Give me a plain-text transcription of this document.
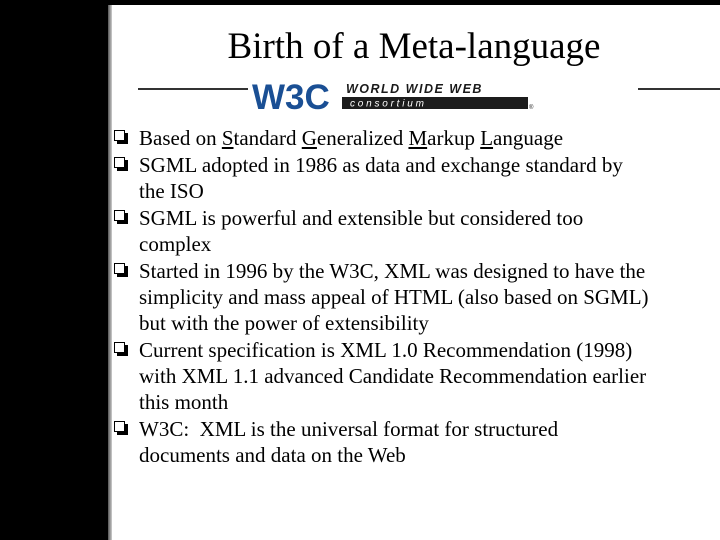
Birth of a Meta-language
W3C WORLD WIDE WEB
c o n s o r t i u m	®
Based on Standard Generalized Markup Language
SGML adopted in 1986 as data and exchange standard by
the ISO
SGML is powerful and extensible but considered too
complex
Started in 1996 by the W3C, XML was designed to have the
simplicity and mass appeal of HTML (also based on SGML)
but with the power of extensibility
Current specification is XML 1.0 Recommendation (1998)
with XML 1.1 advanced Candidate Recommendation earlier
this month
W3C:  XML is the universal format for structured
documents and data on the Web
